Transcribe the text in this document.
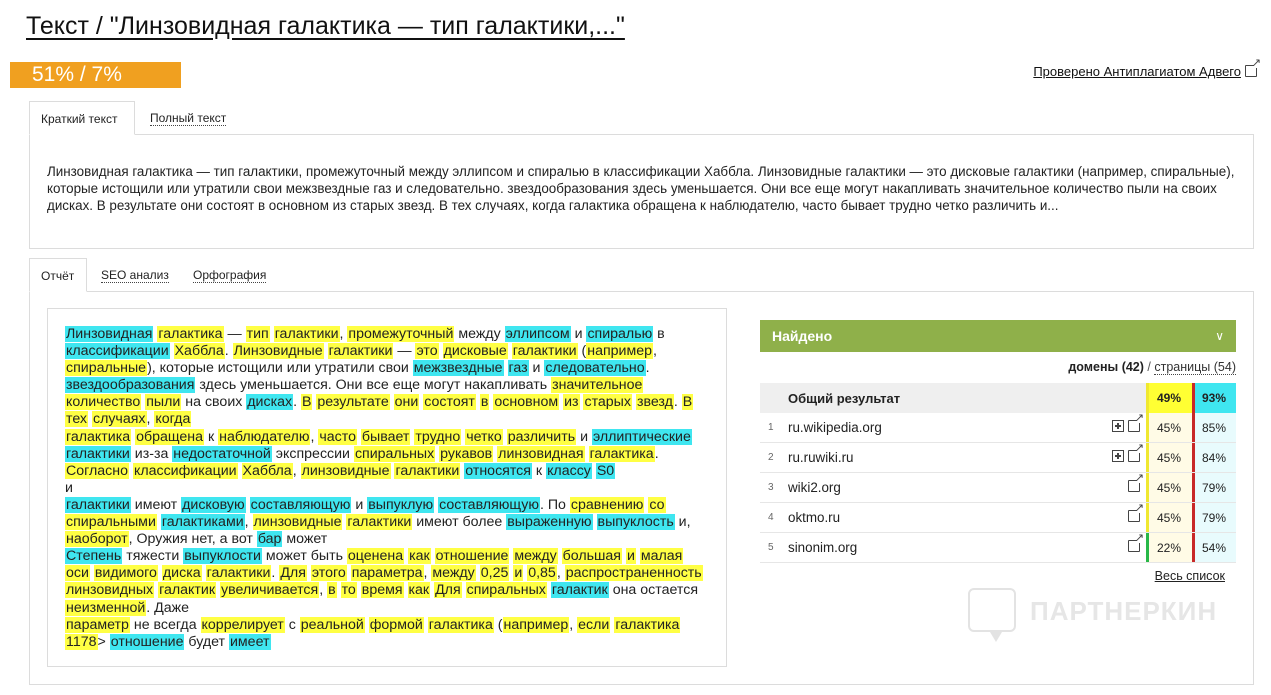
Текст / "Линзовидная галактика — тип галактики,..."
51% / 7%	Проверено Антиплагиатом Адвего↗
Краткий текст	Полный текст
Линзовидная галактика — тип галактики, промежуточный между эллипсом и спиралью в классификации Хаббла. Линзовидные галактики — это дисковые галактики (например, спиральные), которые истощили или утратили свои межзвездные газ и следовательно. звездообразования здесь уменьшается. Они все еще могут накапливать значительное количество пыли на своих дисках. В результате они состоят в основном из старых звезд. В тех случаях, когда галактика обращена к наблюдателю, часто бывает трудно четко различить и...
Отчёт	SEO анализ Орфография
Линзовидная галактика — тип галактики, промежуточный между эллипсом и спиралью в классификации Хаббла. Линзовидные галактики — это дисковые галактики (например, спиральные), которые истощили или утратили свои межзвездные газ и следовательно. звездообразования здесь уменьшается. Они все еще могут накапливать значительное количество пыли на своих дисках. В результате они состоят в основном из старых звезд. В тех случаях, когда
галактика обращена к наблюдателю, часто бывает трудно четко различить и эллиптические галактики из-за недостаточной экспрессии спиральных рукавов линзовидная галактика. Согласно классификации Хаббла, линзовидные галактики относятся к классу S0
и
галактики имеют дисковую составляющую и выпуклую составляющую. По сравнению со спиральными галактиками, линзовидные галактики имеют более выраженную выпуклость и, наоборот, Оружия нет, а вот бар может
Степень тяжести выпуклости может быть оценена как отношение между большая и малая оси видимого диска галактики. Для этого параметра, между 0,25 и 0,85, распространенность линзовидных галактик увеличивается, в то время как Для спиральных галактик она остается неизменной. Даже
параметр не всегда коррелирует с реальной формой галактика (например, если галактика 1178> отношение будет имеет
Найдено	∨
домены (42) / страницы (54)
Общий результат	49%	93%
1 ru.wikipedia.org	45%	85%
2 ru.ruwiki.ru	45%	84%
3 wiki2.org	45%	79%
4 oktmo.ru	45%	79%
5 sinonim.org	22%	54%
Весь список
ПАРТНЕРКИН
